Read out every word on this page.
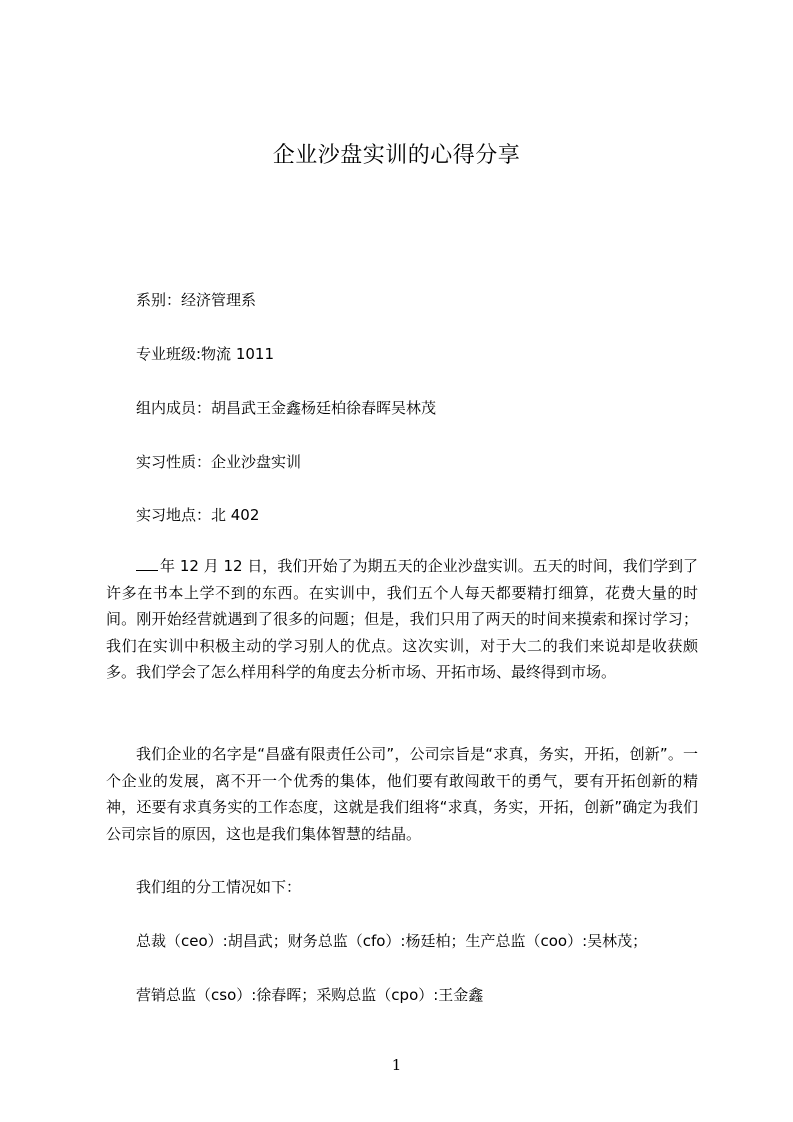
企业沙盘实训的心得分享

系别：经济管理系

专业班级:物流 1011

组内成员：胡昌武王金鑫杨廷柏徐春晖吴林茂

实习性质：企业沙盘实训

实习地点：北 402

年 12 月 12 日，我们开始了为期五天的企业沙盘实训。五天的时间，我们学到了许多在书本上学不到的东西。在实训中，我们五个人每天都要精打细算，花费大量的时间。刚开始经营就遇到了很多的问题；但是，我们只用了两天的时间来摸索和探讨学习；我们在实训中积极主动的学习别人的优点。这次实训，对于大二的我们来说却是收获颇多。我们学会了怎么样用科学的角度去分析市场、开拓市场、最终得到市场。

我们企业的名字是“昌盛有限责任公司”，公司宗旨是“求真，务实，开拓，创新”。一个企业的发展，离不开一个优秀的集体，他们要有敢闯敢干的勇气，要有开拓创新的精神，还要有求真务实的工作态度，这就是我们组将“求真，务实，开拓，创新”确定为我们公司宗旨的原因，这也是我们集体智慧的结晶。

我们组的分工情况如下：

总裁（ceo）:胡昌武；财务总监（cfo）:杨廷柏；生产总监（coo）:吴林茂；

营销总监（cso）:徐春晖；采购总监（cpo）:王金鑫

1
